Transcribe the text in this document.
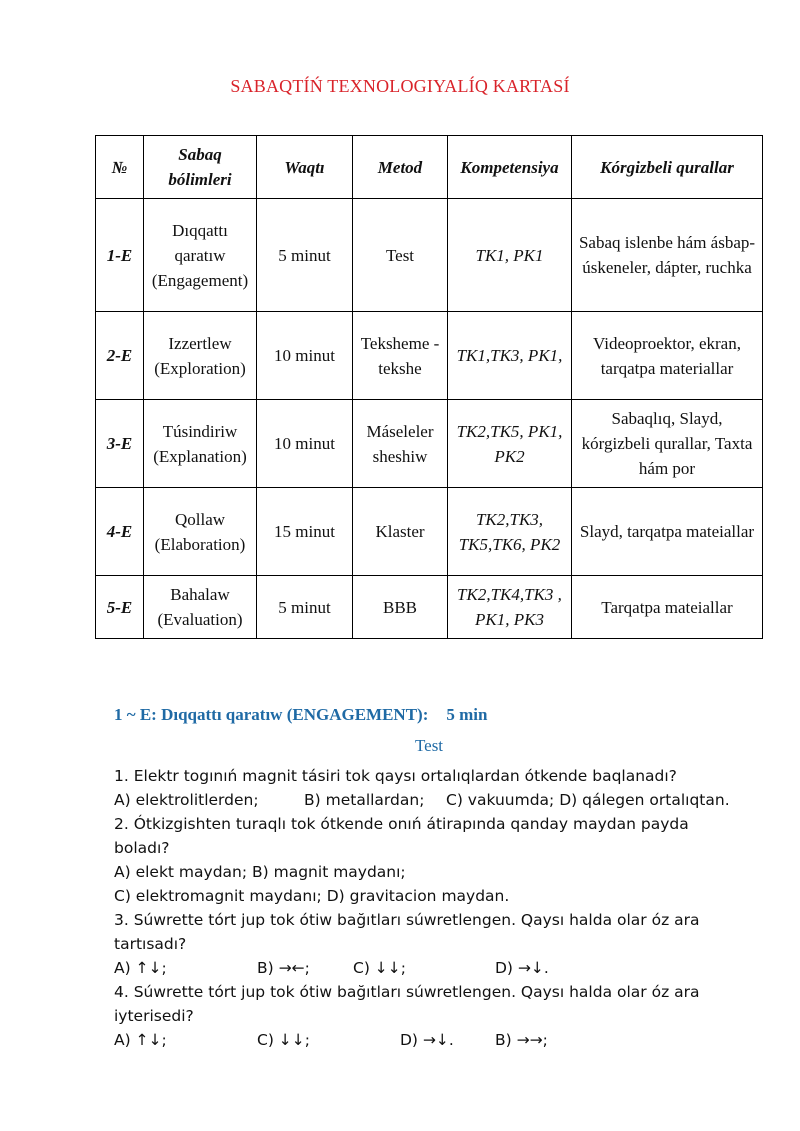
SABAQTÍŃ TEXNOLOGIYALÍQ KARTASÍ
№	Sabaq bólimleri	Waqtı	Metod	Kompetensiya	Kórgizbeli qurallar
1-E	Dıqqattı qaratıw (Engagement)	5 minut	Test	TK1, PK1	Sabaq islenbe hám ásbap-úskeneler, dápter, ruchka
2-E	Izzertlew (Exploration)	10 minut	Teksheme -tekshe	TK1,TK3, PK1,	Videoproektor, ekran, tarqatpa materiallar
3-E	Túsindiriw (Explanation)	10 minut	Máseleler sheshiw	TK2,TK5, PK1, PK2	Sabaqlıq, Slayd, kórgizbeli qurallar, Taxta hám por
4-E	Qollaw (Elaboration)	15 minut	Klaster	TK2,TK3, TK5,TK6, PK2	Slayd, tarqatpa mateiallar
5-E	Bahalaw (Evaluation)	5 minut	BBB	TK2,TK4,TK3 , PK1, PK3	Tarqatpa mateiallar
1 ~ E: Dıqqattı qaratıw (ENGAGEMENT): 5 min
Test
1. Elektr togınıń magnit tásiri tok qaysı ortalıqlardan ótkende baqlanadı?
A) elektrolitlerden;	B) metallardan; C) vakuumda; D) qálegen ortalıqtan.
2. Ótkizgishten turaqlı tok ótkende onıń átirapında qanday maydan payda
boladı?
A) elekt maydan; B) magnit maydanı;
C) elektromagnit maydanı; D) gravitacion maydan.
3. Súwrette tórt jup tok ótiw bağıtları súwretlengen. Qaysı halda olar óz ara
tartısadı?
A) ↑↓;	B) →←;	C) ↓↓;	D) →↓.
4. Súwrette tórt jup tok ótiw bağıtları súwretlengen. Qaysı halda olar óz ara
iyterisedi?
A) ↑↓;	C) ↓↓;	D) →↓.	B) →→;
